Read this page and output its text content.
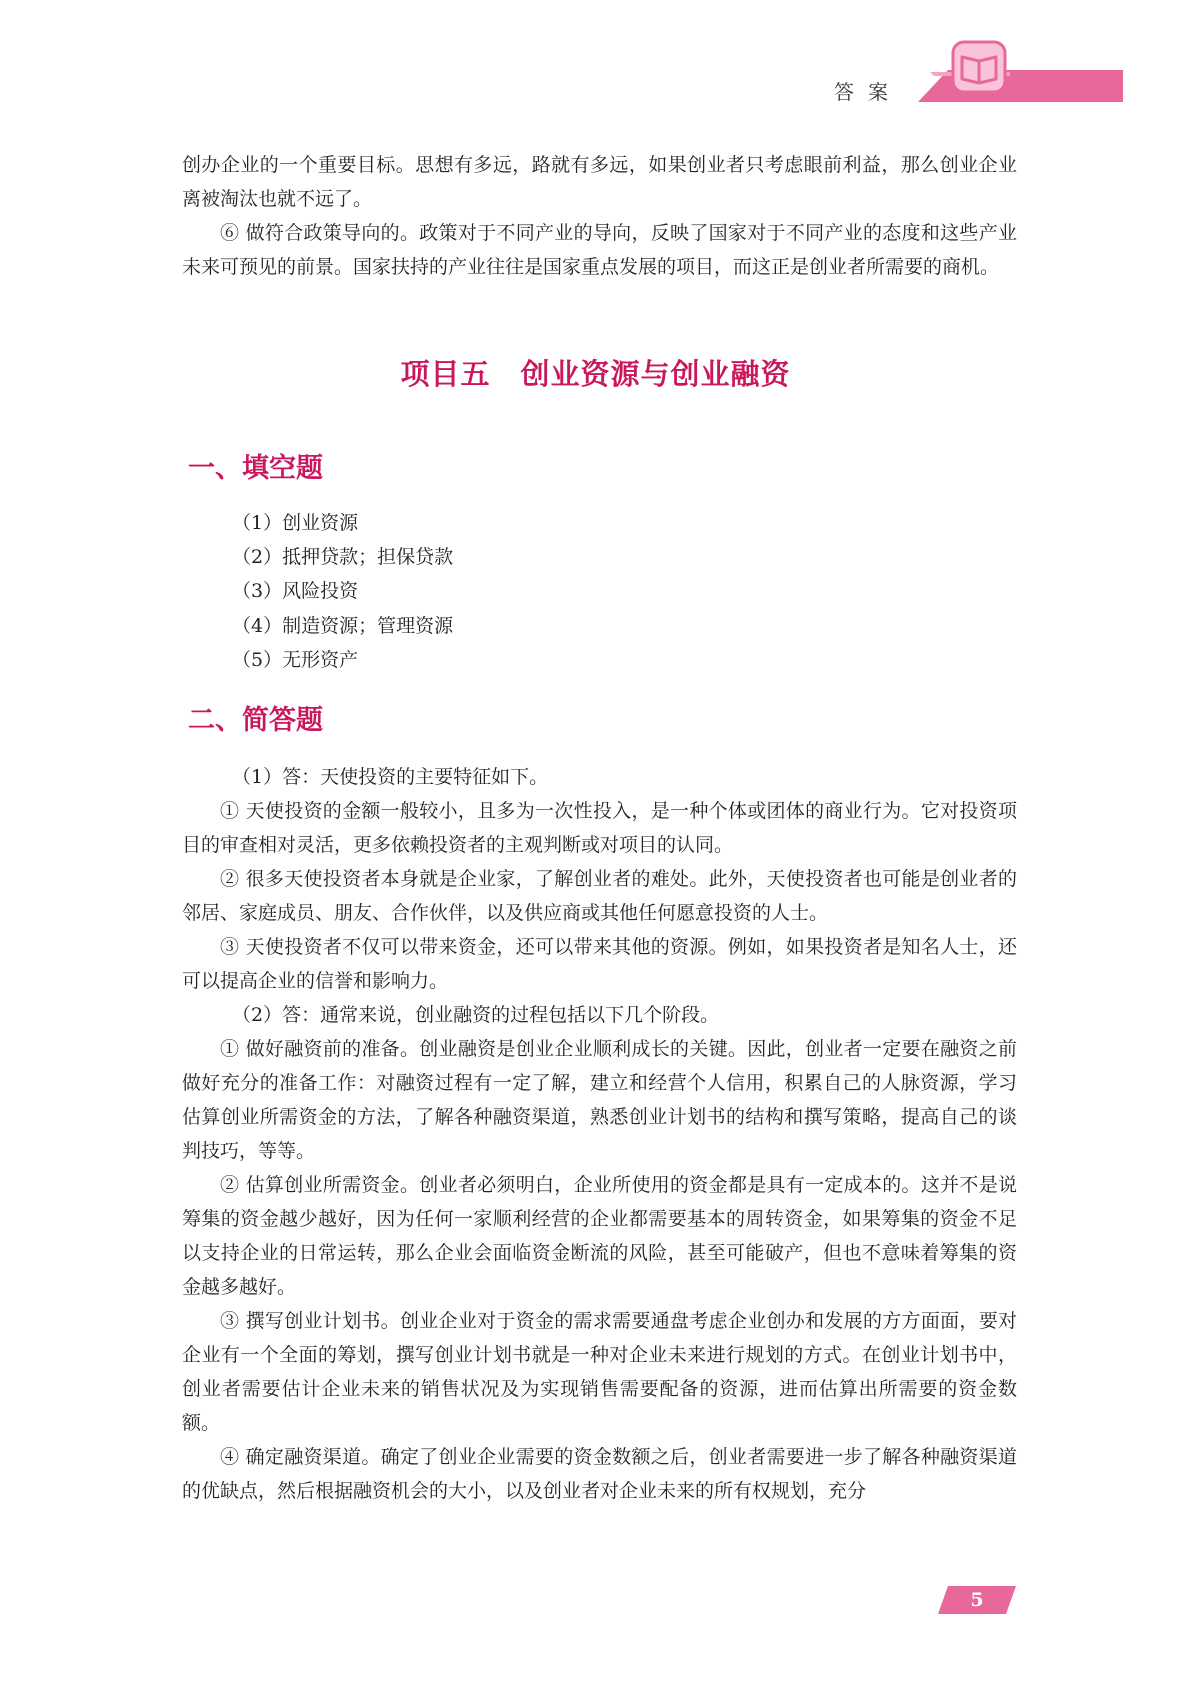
答案

创办企业的一个重要目标。思想有多远，路就有多远，如果创业者只考虑眼前利益，那么创业企业离被淘汰也就不远了。

⑥ 做符合政策导向的。政策对于不同产业的导向，反映了国家对于不同产业的态度和这些产业未来可预见的前景。国家扶持的产业往往是国家重点发展的项目，而这正是创业者所需要的商机。

项目五　创业资源与创业融资
一、填空题
（1）创业资源
（2）抵押贷款；担保贷款
（3）风险投资
（4）制造资源；管理资源
（5）无形资产
二、简答题
（1）答：天使投资的主要特征如下。

① 天使投资的金额一般较小，且多为一次性投入，是一种个体或团体的商业行为。它对投资项目的审查相对灵活，更多依赖投资者的主观判断或对项目的认同。

② 很多天使投资者本身就是企业家，了解创业者的难处。此外，天使投资者也可能是创业者的邻居、家庭成员、朋友、合作伙伴，以及供应商或其他任何愿意投资的人士。

③ 天使投资者不仅可以带来资金，还可以带来其他的资源。例如，如果投资者是知名人士，还可以提高企业的信誉和影响力。

（2）答：通常来说，创业融资的过程包括以下几个阶段。

① 做好融资前的准备。创业融资是创业企业顺利成长的关键。因此，创业者一定要在融资之前做好充分的准备工作：对融资过程有一定了解，建立和经营个人信用，积累自己的人脉资源，学习估算创业所需资金的方法，了解各种融资渠道，熟悉创业计划书的结构和撰写策略，提高自己的谈判技巧，等等。

② 估算创业所需资金。创业者必须明白，企业所使用的资金都是具有一定成本的。这并不是说筹集的资金越少越好，因为任何一家顺利经营的企业都需要基本的周转资金，如果筹集的资金不足以支持企业的日常运转，那么企业会面临资金断流的风险，甚至可能破产，但也不意味着筹集的资金越多越好。

③ 撰写创业计划书。创业企业对于资金的需求需要通盘考虑企业创办和发展的方方面面，要对企业有一个全面的筹划，撰写创业计划书就是一种对企业未来进行规划的方式。在创业计划书中，创业者需要估计企业未来的销售状况及为实现销售需要配备的资源，进而估算出所需要的资金数额。

④ 确定融资渠道。确定了创业企业需要的资金数额之后，创业者需要进一步了解各种融资渠道的优缺点，然后根据融资机会的大小，以及创业者对企业未来的所有权规划，充分

5
